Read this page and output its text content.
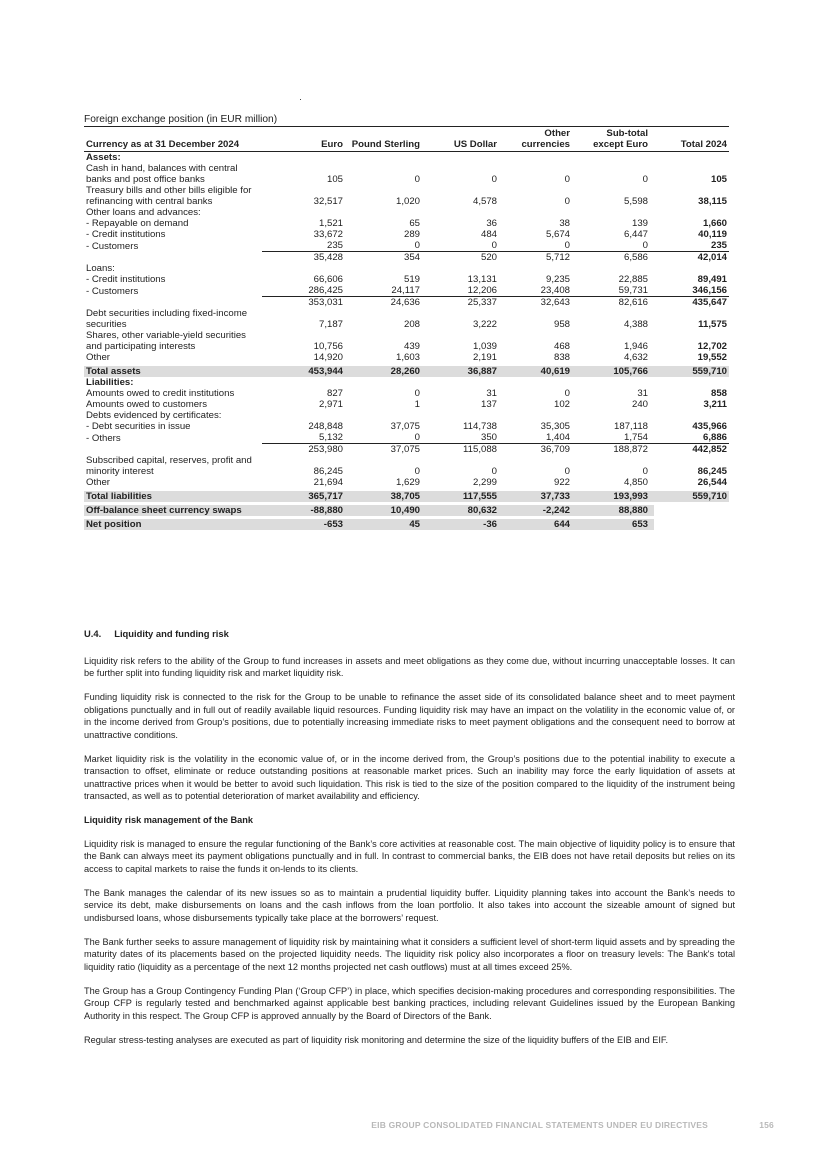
Foreign exchange position (in EUR million)
Currency as at 31 December 2024	Euro	Pound Sterling	US Dollar	Other currencies	Sub-total except Euro	Total 2024
Assets:						
Cash in hand, balances with central banks and post office banks	105	0	0	0	0	105
Treasury bills and other bills eligible for refinancing with central banks	32,517	1,020	4,578	0	5,598	38,115
Other loans and advances:						
- Repayable on demand	1,521	65	36	38	139	1,660
- Credit institutions	33,672	289	484	5,674	6,447	40,119
- Customers	235	0	0	0	0	235
	35,428	354	520	5,712	6,586	42,014
Loans:						
- Credit institutions	66,606	519	13,131	9,235	22,885	89,491
- Customers	286,425	24,117	12,206	23,408	59,731	346,156
	353,031	24,636	25,337	32,643	82,616	435,647
Debt securities including fixed-income securities	7,187	208	3,222	958	4,388	11,575
Shares, other variable-yield securities and participating interests	10,756	439	1,039	468	1,946	12,702
Other	14,920	1,603	2,191	838	4,632	19,552
Total assets	453,944	28,260	36,887	40,619	105,766	559,710
Liabilities:						
Amounts owed to credit institutions	827	0	31	0	31	858
Amounts owed to customers	2,971	1	137	102	240	3,211
Debts evidenced by certificates:						
- Debt securities in issue	248,848	37,075	114,738	35,305	187,118	435,966
- Others	5,132	0	350	1,404	1,754	6,886
	253,980	37,075	115,088	36,709	188,872	442,852
Subscribed capital, reserves, profit and minority interest	86,245	0	0	0	0	86,245
Other	21,694	1,629	2,299	922	4,850	26,544
Total liabilities	365,717	38,705	117,555	37,733	193,993	559,710
Off-balance sheet currency swaps	-88,880	10,490	80,632	-2,242	88,880	
Net position	-653	45	-36	644	653	
U.4.     Liquidity and funding risk

Liquidity risk refers to the ability of the Group to fund increases in assets and meet obligations as they come due, without incurring unacceptable losses. It can be further split into funding liquidity risk and market liquidity risk.

Funding liquidity risk is connected to the risk for the Group to be unable to refinance the asset side of its consolidated balance sheet and to meet payment obligations punctually and in full out of readily available liquid resources. Funding liquidity risk may have an impact on the volatility in the economic value of, or in the income derived from Group’s positions, due to potentially increasing immediate risks to meet payment obligations and the consequent need to borrow at unattractive conditions.

Market liquidity risk is the volatility in the economic value of, or in the income derived from, the Group’s positions due to the potential inability to execute a transaction to offset, eliminate or reduce outstanding positions at reasonable market prices. Such an inability may force the early liquidation of assets at unattractive prices when it would be better to avoid such liquidation. This risk is tied to the size of the position compared to the liquidity of the instrument being transacted, as well as to potential deterioration of market availability and efficiency.

Liquidity risk management of the Bank

Liquidity risk is managed to ensure the regular functioning of the Bank’s core activities at reasonable cost. The main objective of liquidity policy is to ensure that the Bank can always meet its payment obligations punctually and in full. In contrast to commercial banks, the EIB does not have retail deposits but relies on its access to capital markets to raise the funds it on-lends to its clients.

The Bank manages the calendar of its new issues so as to maintain a prudential liquidity buffer. Liquidity planning takes into account the Bank’s needs to service its debt, make disbursements on loans and the cash inflows from the loan portfolio. It also takes into account the sizeable amount of signed but undisbursed loans, whose disbursements typically take place at the borrowers’ request.

The Bank further seeks to assure management of liquidity risk by maintaining what it considers a sufficient level of short-term liquid assets and by spreading the maturity dates of its placements based on the projected liquidity needs. The liquidity risk policy also incorporates a floor on treasury levels: The Bank's total liquidity ratio (liquidity as a percentage of the next 12 months projected net cash outflows) must at all times exceed 25%.

The Group has a Group Contingency Funding Plan (‘Group CFP’) in place, which specifies decision-making procedures and corresponding responsibilities. The Group CFP is regularly tested and benchmarked against applicable best banking practices, including relevant Guidelines issued by the European Banking Authority in this respect. The Group CFP is approved annually by the Board of Directors of the Bank.

Regular stress-testing analyses are executed as part of liquidity risk monitoring and determine the size of the liquidity buffers of the EIB and EIF.

EIB GROUP CONSOLIDATED FINANCIAL STATEMENTS UNDER EU DIRECTIVES	156
